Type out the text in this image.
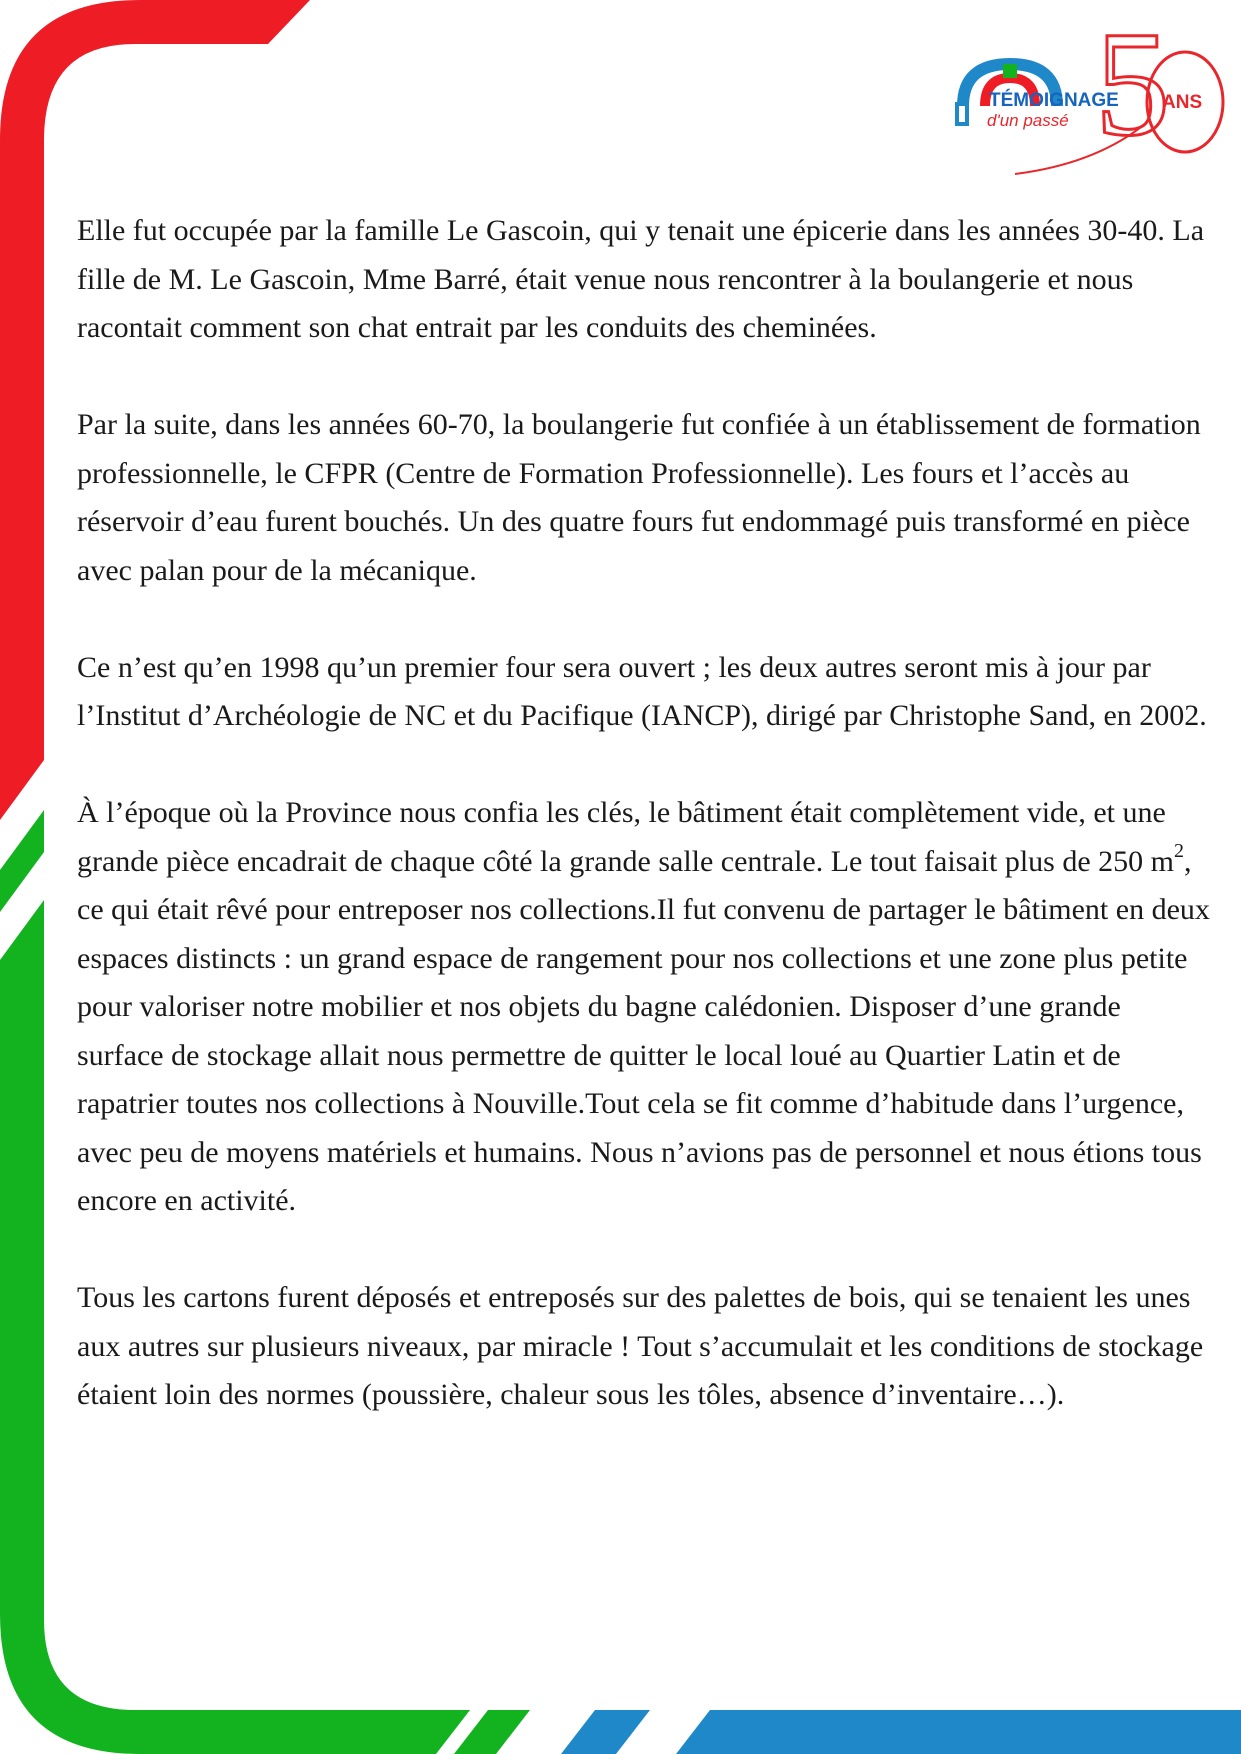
5
TÉMOIGNAGE
d'un passé
ANS

Elle fut occupée par la famille Le Gascoin, qui y tenait une épicerie dans les années 30-40. La fille de M. Le Gascoin, Mme Barré, était venue nous rencontrer à la boulangerie et nous racontait comment son chat entrait par les conduits des cheminées.

Par la suite, dans les années 60-70, la boulangerie fut confiée à un établissement de formation professionnelle, le CFPR (Centre de Formation Professionnelle). Les fours et l’accès au réservoir d’eau furent bouchés. Un des quatre fours fut endommagé puis transformé en pièce avec palan pour de la mécanique.

Ce n’est qu’en 1998 qu’un premier four sera ouvert ; les deux autres seront mis à jour par l’Institut d’Archéologie de NC et du Pacifique (IANCP), dirigé par Christophe Sand, en 2002.

À l’époque où la Province nous confia les clés, le bâtiment était complètement vide, et une grande pièce encadrait de chaque côté la grande salle centrale. Le tout faisait plus de 250 $m^2$, ce qui était rêvé pour entreposer nos collections.Il fut convenu de partager le bâtiment en deux espaces distincts : un grand espace de rangement pour nos collections et une zone plus petite pour valoriser notre mobilier et nos objets du bagne calédonien. Disposer d’une grande surface de stockage allait nous permettre de quitter le local loué au Quartier Latin et de rapatrier toutes nos collections à Nouville.Tout cela se fit comme d’habitude dans l’urgence, avec peu de moyens matériels et humains. Nous n’avions pas de personnel et nous étions tous encore en activité.

Tous les cartons furent déposés et entreposés sur des palettes de bois, qui se tenaient les unes aux autres sur plusieurs niveaux, par miracle ! Tout s’accumulait et les conditions de stockage étaient loin des normes (poussière, chaleur sous les tôles, absence d’inventaire…).
